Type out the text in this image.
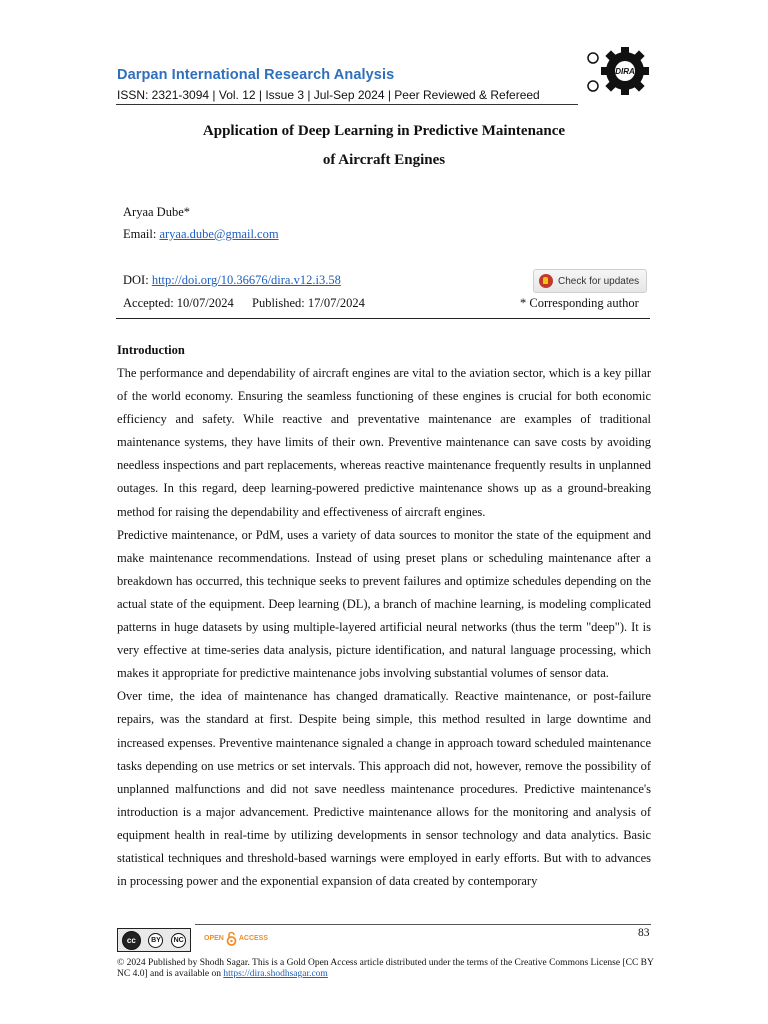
Darpan International Research Analysis
ISSN: 2321-3094 | Vol. 12 | Issue 3 | Jul-Sep 2024 | Peer Reviewed & Refereed
DIRA
Application of Deep Learning in Predictive Maintenance
of Aircraft Engines
Aryaa Dube*
Email: aryaa.dube@gmail.com
DOI: http://doi.org/10.36676/dira.v12.i3.58	Check for updates
Accepted: 10/07/2024 Published: 17/07/2024	* Corresponding author
Introduction

The performance and dependability of aircraft engines are vital to the aviation sector, which is a key pillar of the world economy. Ensuring the seamless functioning of these engines is crucial for both economic efficiency and safety. While reactive and preventative maintenance are examples of traditional maintenance systems, they have limits of their own. Preventive maintenance can save costs by avoiding needless inspections and part replacements, whereas reactive maintenance frequently results in unplanned outages. In this regard, deep learning-powered predictive maintenance shows up as a ground-breaking method for raising the dependability and effectiveness of aircraft engines.

Predictive maintenance, or PdM, uses a variety of data sources to monitor the state of the equipment and make maintenance recommendations. Instead of using preset plans or scheduling maintenance after a breakdown has occurred, this technique seeks to prevent failures and optimize schedules depending on the actual state of the equipment. Deep learning (DL), a branch of machine learning, is modeling complicated patterns in huge datasets by using multiple-layered artificial neural networks (thus the term "deep"). It is very effective at time-series data analysis, picture identification, and natural language processing, which makes it appropriate for predictive maintenance jobs involving substantial volumes of sensor data.

Over time, the idea of maintenance has changed dramatically. Reactive maintenance, or post-failure repairs, was the standard at first. Despite being simple, this method resulted in large downtime and increased expenses. Preventive maintenance signaled a change in approach toward scheduled maintenance tasks depending on use metrics or set intervals. This approach did not, however, remove the possibility of unplanned malfunctions and did not save needless maintenance procedures. Predictive maintenance's introduction is a major advancement. Predictive maintenance allows for the monitoring and analysis of equipment health in real-time by utilizing developments in sensor technology and data analytics. Basic statistical techniques and threshold-based warnings were employed in early efforts. But with to advances in processing power and the exponential expansion of data created by contemporary

83
cc	BY	NC	OPEN ACCESS
© 2024 Published by Shodh Sagar. This is a Gold Open Access article distributed under the terms of the Creative Commons License [CC BY NC 4.0] and is available on https://dira.shodhsagar.com
